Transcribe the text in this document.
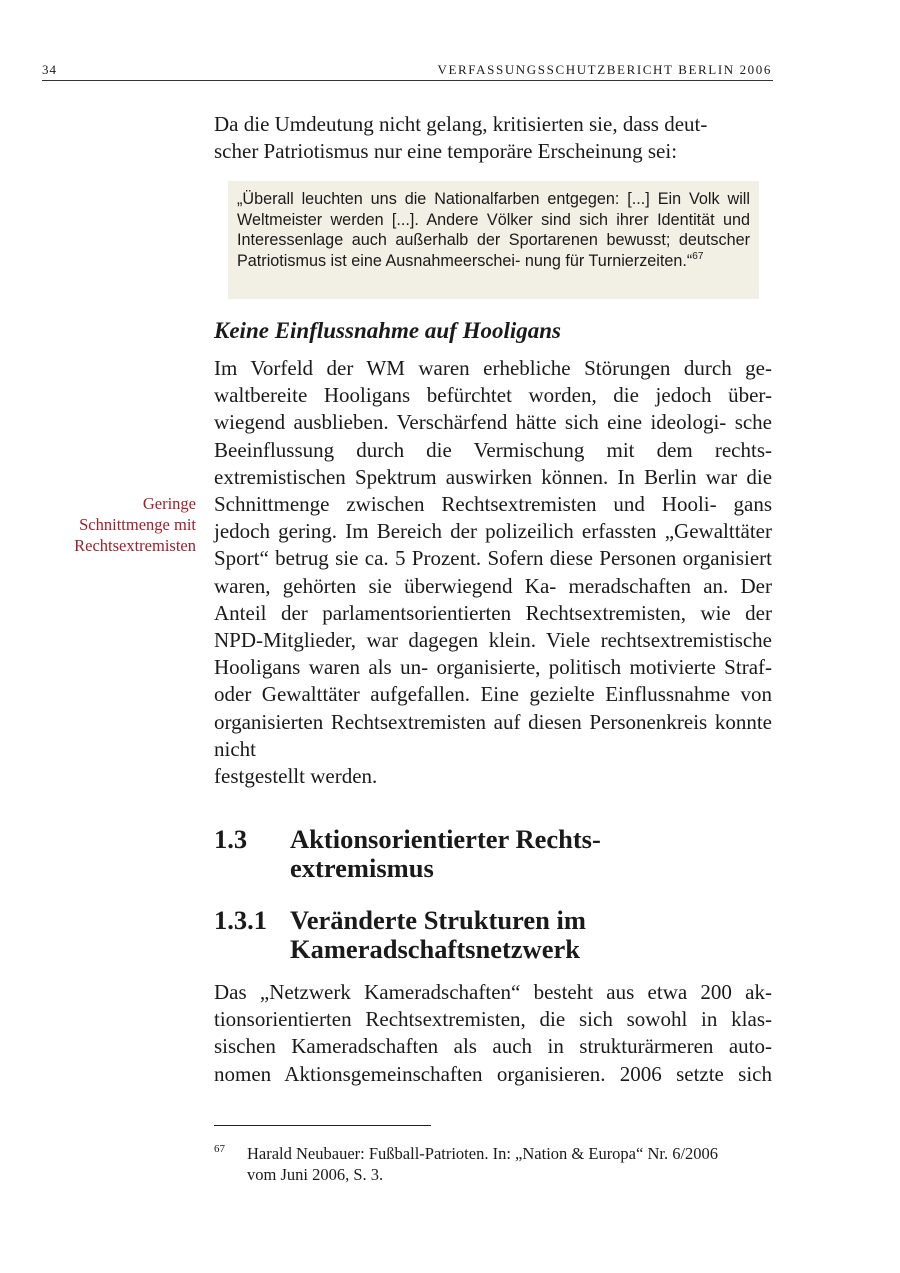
34	VERFASSUNGSSCHUTZBERICHT BERLIN 2006

Da die Umdeutung nicht gelang, kritisierten sie, dass deut-
scher Patriotismus nur eine temporäre Erscheinung sei:

„Überall leuchten uns die Nationalfarben entgegen: [...] Ein Volk will Weltmeister werden [...]. Andere Völker sind sich ihrer Identität und Interessenlage auch außerhalb der Sportarenen bewusst; deutscher Patriotismus ist eine Ausnahmeerschei- nung für Turnierzeiten.“$^{67}$

Keine Einflussnahme auf Hooligans

Im Vorfeld der WM waren erhebliche Störungen durch ge- waltbereite Hooligans befürchtet worden, die jedoch über- wiegend ausblieben. Verschärfend hätte sich eine ideologi- sche Beeinflussung durch die Vermischung mit dem rechts- extremistischen Spektrum auswirken können. In Berlin war die Schnittmenge zwischen Rechtsextremisten und Hooli- gans jedoch gering. Im Bereich der polizeilich erfassten „Gewalttäter Sport“ betrug sie ca. 5 Prozent. Sofern diese Personen organisiert waren, gehörten sie überwiegend Ka- meradschaften an. Der Anteil der parlamentsorientierten Rechtsextremisten, wie der NPD-Mitglieder, war dagegen klein. Viele rechtsextremistische Hooligans waren als un- organisierte, politisch motivierte Straf- oder Gewalttäter aufgefallen. Eine gezielte Einflussnahme von organisierten Rechtsextremisten auf diesen Personenkreis konnte nicht
festgestellt werden.

Geringe
Schnittmenge mit
Rechtsextremisten
1.3 Aktionsorientierter Rechts-
extremismus
1.3.1 Veränderte Strukturen im
Kameradschaftsnetzwerk

Das „Netzwerk Kameradschaften“ besteht aus etwa 200 ak- tionsorientierten Rechtsextremisten, die sich sowohl in klas- sischen Kameradschaften als auch in strukturärmeren auto- nomen Aktionsgemeinschaften organisieren. 2006 setzte sich

67 Harald Neubauer: Fußball-Patrioten. In: „Nation & Europa“ Nr. 6/2006
vom Juni 2006, S. 3.
